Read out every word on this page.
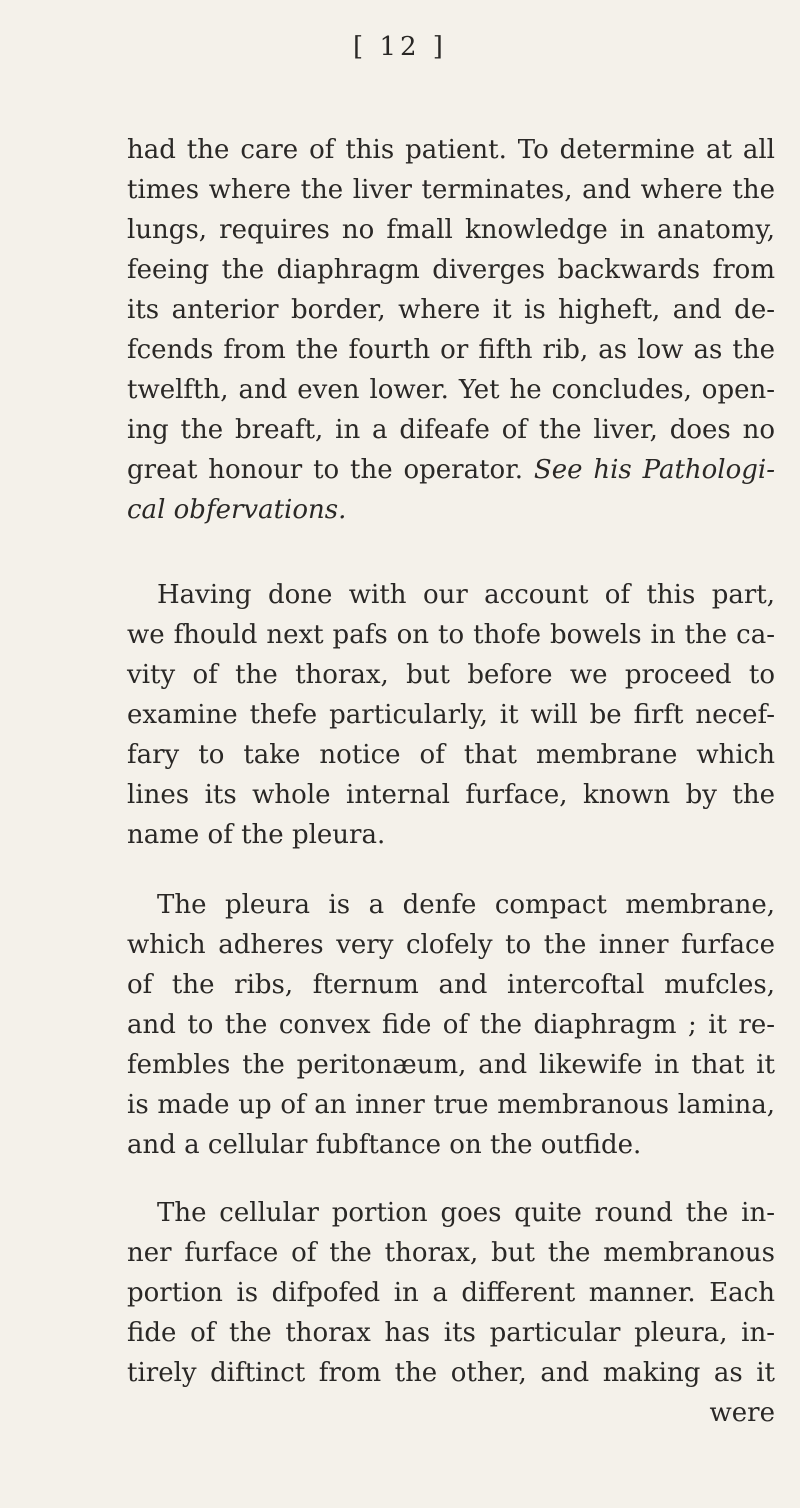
[ 12 ]
had the care of this patient. To determine at all
times where the liver terminates, and where the
lungs, requires no fmall knowledge in anatomy,
feeing the diaphragm diverges backwards from
its anterior border, where it is higheft, and de-
fcends from the fourth or fifth rib, as low as the
twelfth, and even lower. Yet he concludes, open-
ing the breaft, in a difeafe of the liver, does no
great honour to the operator. See his Pathologi-
cal obfervations.
Having done with our account of this part,
we fhould next pafs on to thofe bowels in the ca-
vity of the thorax, but before we proceed to
examine thefe particularly, it will be firft necef-
fary to take notice of that membrane which
lines its whole internal furface, known by the
name of the pleura.
The pleura is a denfe compact membrane,
which adheres very clofely to the inner furface
of the ribs, fternum and intercoftal mufcles,
and to the convex fide of the diaphragm ; it re-
fembles the peritonæum, and likewife in that it
is made up of an inner true membranous lamina,
and a cellular fubftance on the outfide.
The cellular portion goes quite round the in-
ner furface of the thorax, but the membranous
portion is difpofed in a different manner. Each
fide of the thorax has its particular pleura, in-
tirely diftinct from the other, and making as it
were
